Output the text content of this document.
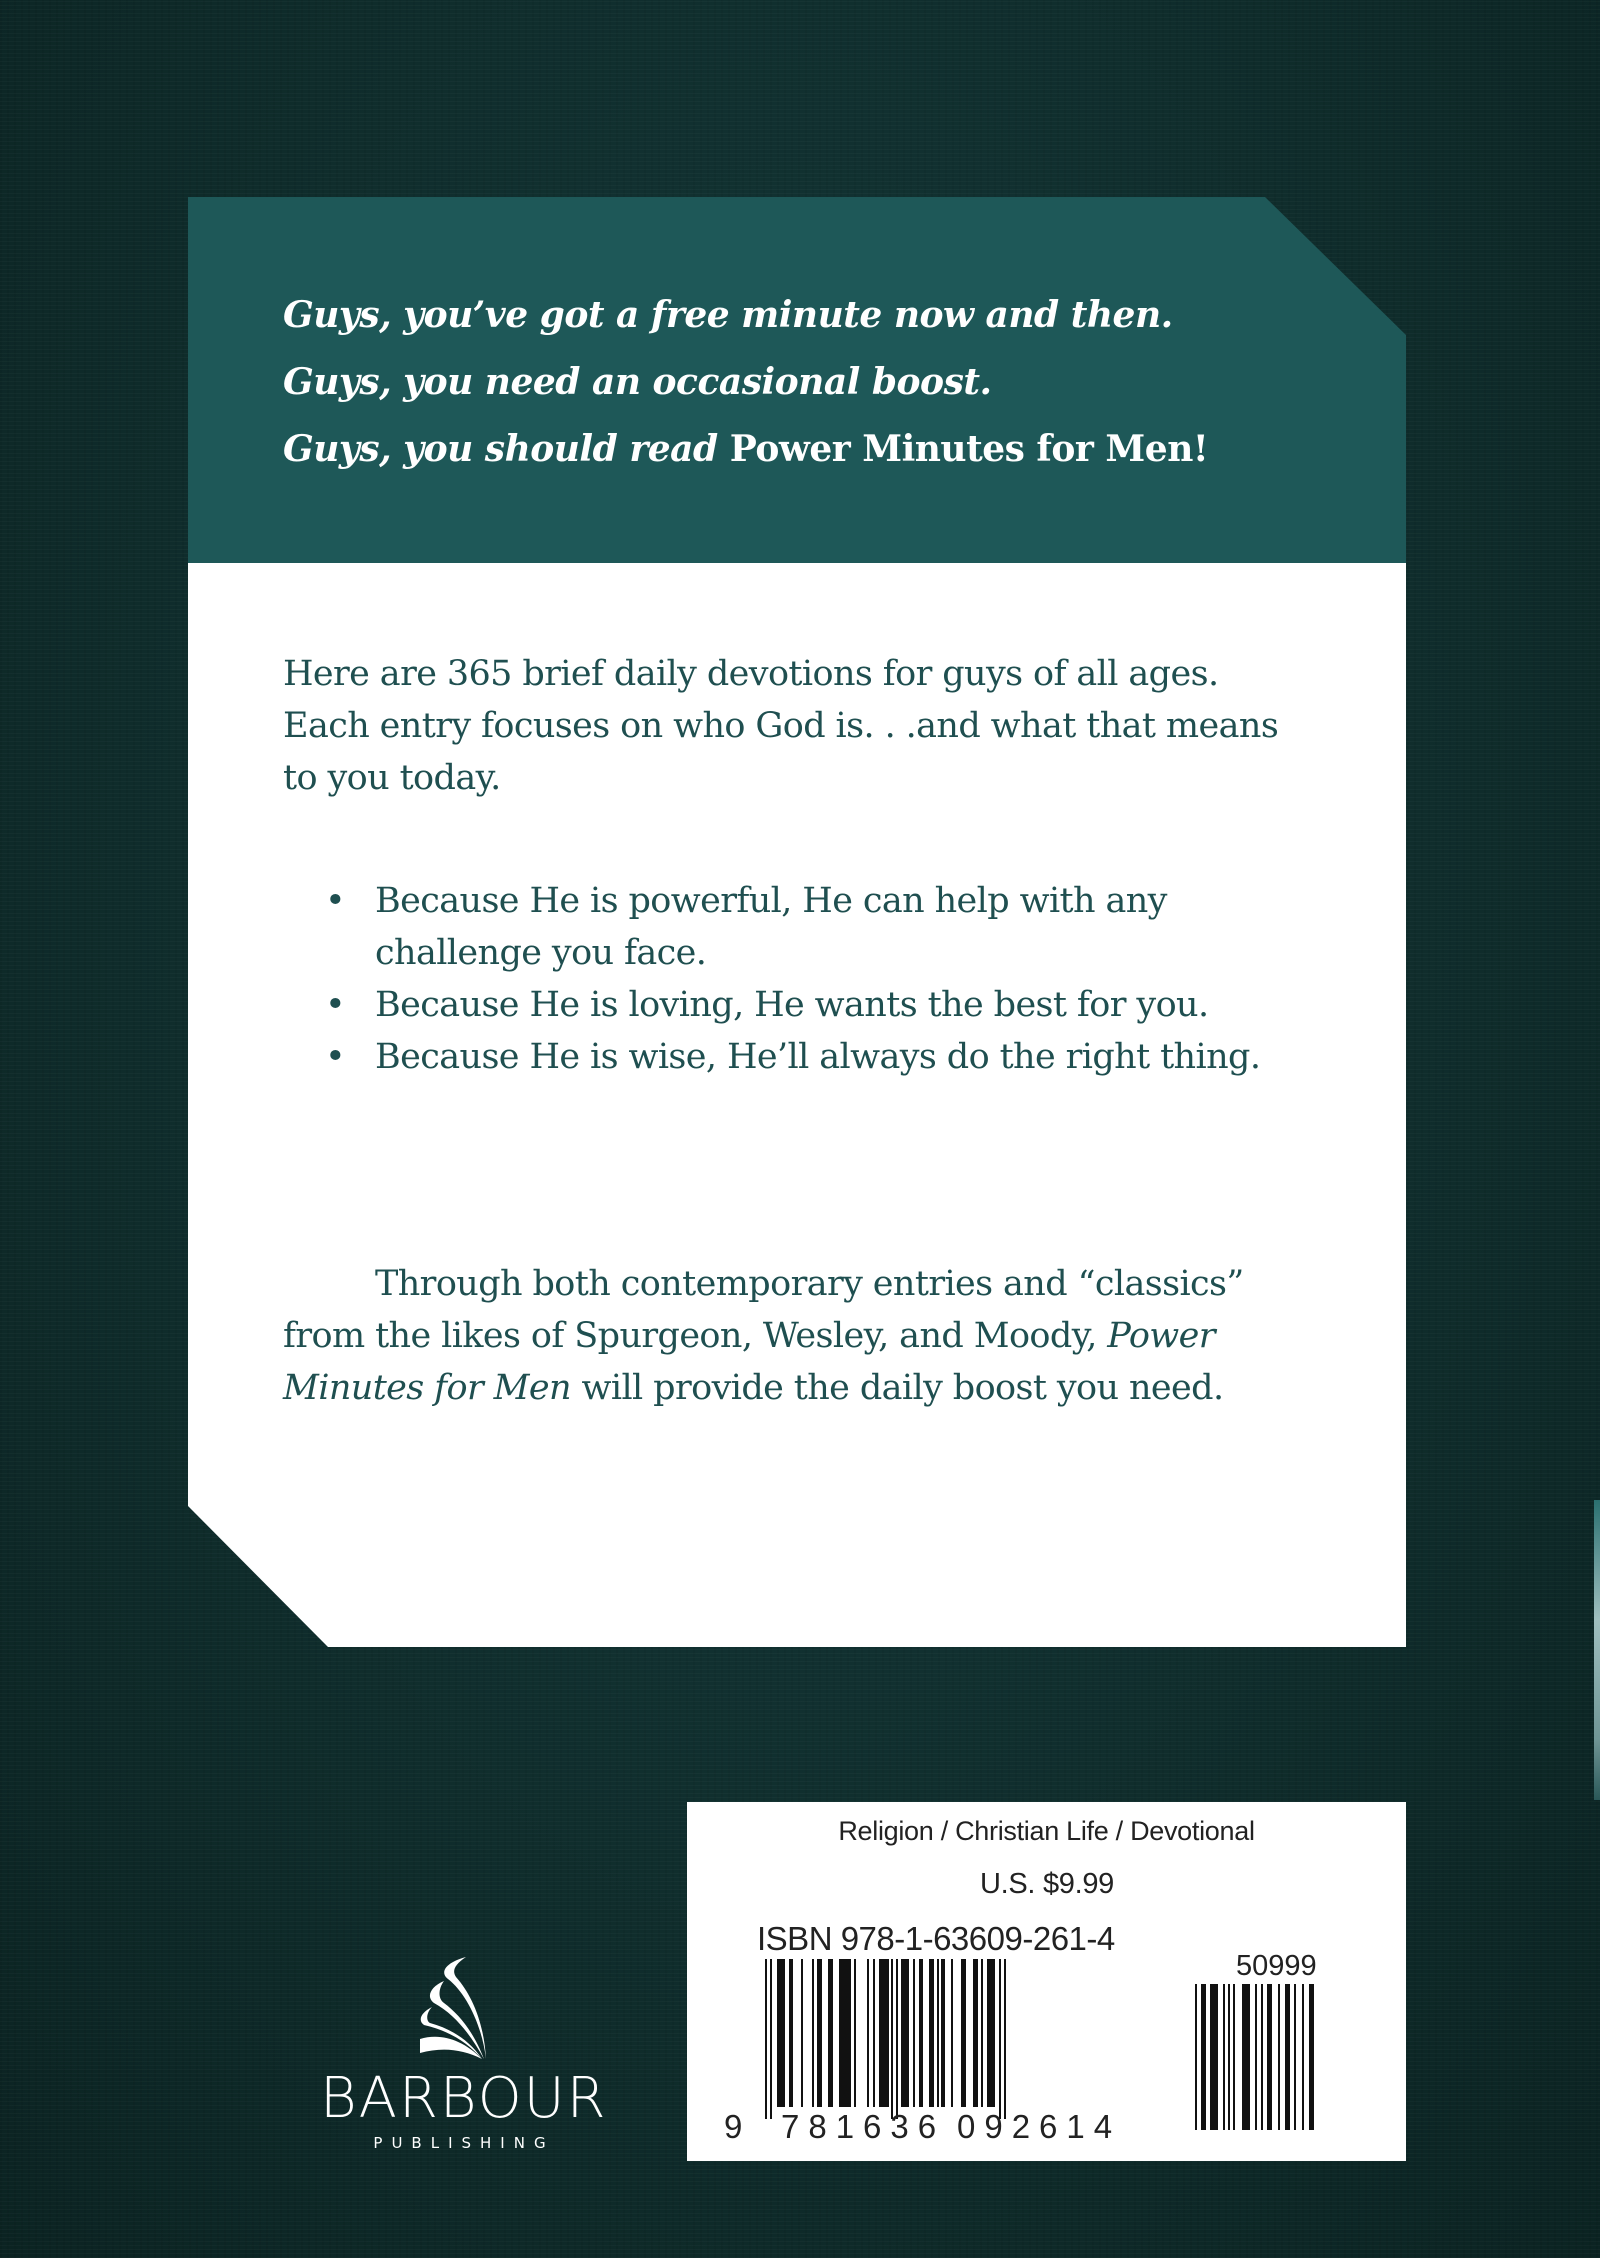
Guys, you’ve got a free minute now and then.
Guys, you need an occasional boost.
Guys, you should read Power Minutes for Men!
Here are 365 brief daily devotions for guys of all ages. Each entry focuses on who God is. . .and what that means to you today.
• Because He is powerful, He can help with any challenge you face.
• Because He is loving, He wants the best for you.
• Because He is wise, He’ll always do the right thing.
Through both contemporary entries and “classics” from the likes of Spurgeon, Wesley, and Moody, Power Minutes for Men will provide the daily boost you need.
BARBOUR
PUBLISHING
Religion / Christian Life / Devotional
U.S. $9.99
ISBN 978-1-63609-261-4
50999
9 781636 092614
